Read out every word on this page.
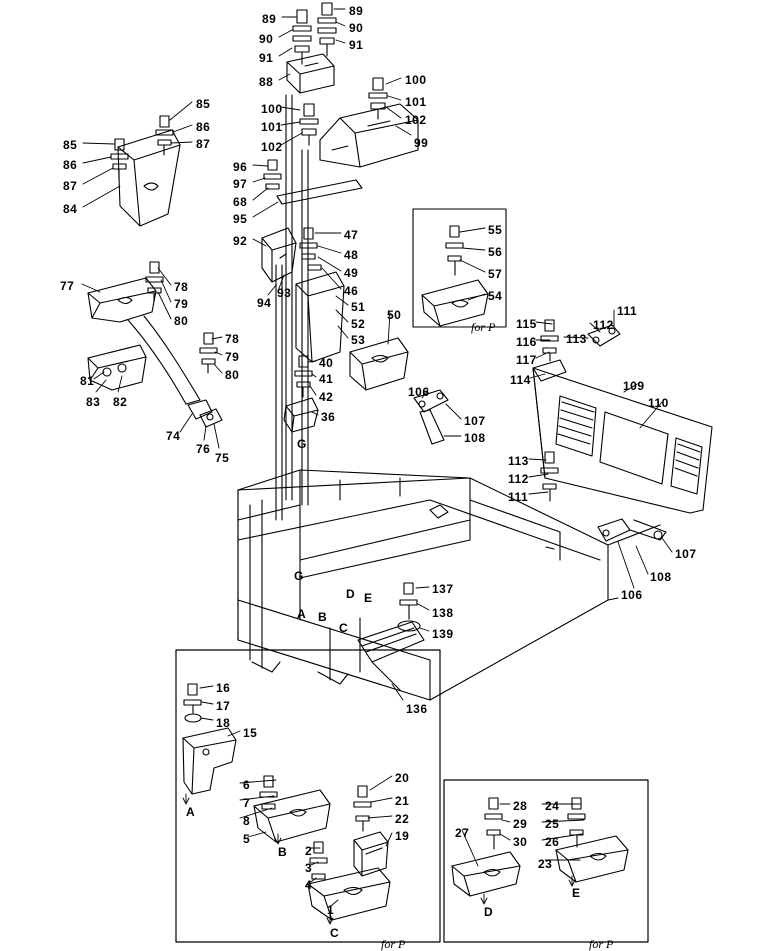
89
89
90
90
91
91
88	100
101
100
102
101
99
102
85
86
87
85
86
87
84
96
97
68
95
92
93
94
47
48
49
46
51
52
53
50
40
41
42
36
77	78
79
80
78
79
80
81
83 82
74
76
75
55
56
57
54
115
116
117
114
111
112
113
109
110
113
112
111
106
107
108
107
108
106
137
138
139
136
16
17
18
15
6
7
8
5
20
21
22
19
2
3
4
1
28 24
29 25
30 26
27
23
A B
C
D E
G
G
A
B
C
D
E
for P
for P	for P
